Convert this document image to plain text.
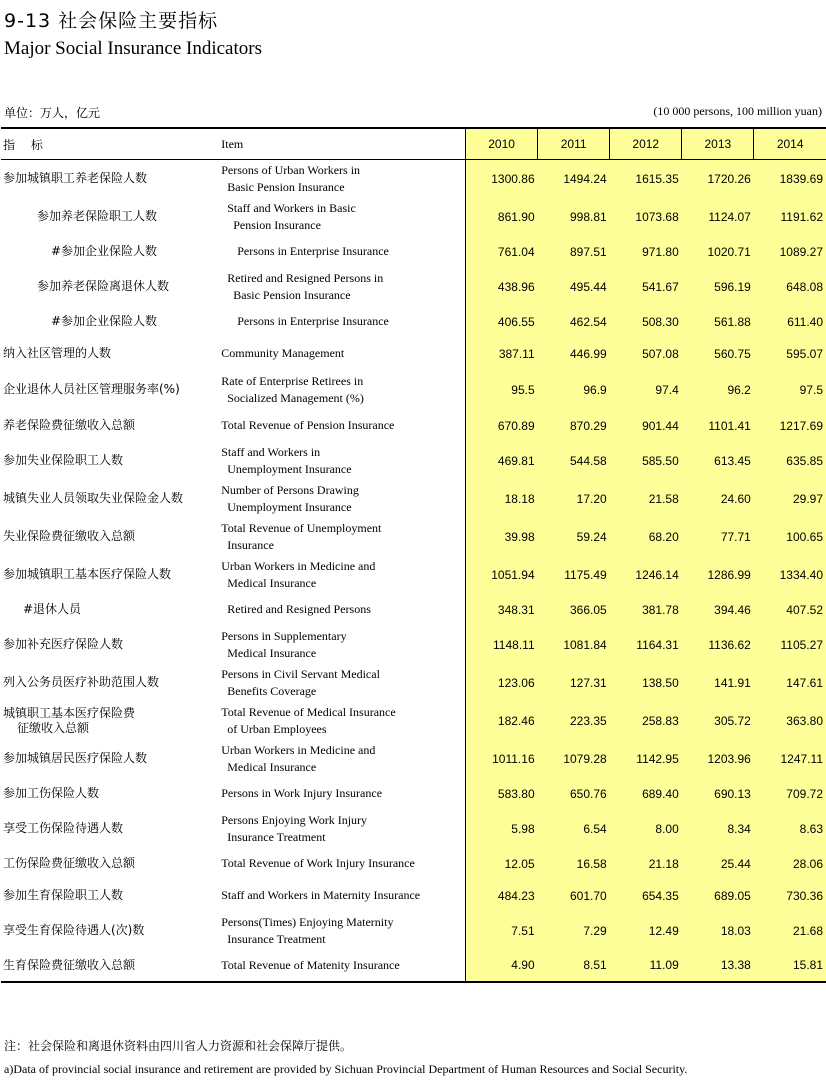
9-13 社会保险主要指标
Major Social Insurance Indicators
单位：万人，亿元	(10 000 persons, 100 million yuan)
指 标	Item	2010	2011	2012	2013	2014
参加城镇职工养老保险人数	Persons of Urban Workers in
Basic Pension Insurance	1300.86	1494.24	1615.35	1720.26	1839.69
参加养老保险职工人数	Staff and Workers in Basic
Pension Insurance	861.90	998.81	1073.68	1124.07	1191.62
#参加企业保险人数	Persons in Enterprise Insurance	761.04	897.51	971.80	1020.71	1089.27
参加养老保险离退休人数	Retired and Resigned Persons in
Basic Pension Insurance	438.96	495.44	541.67	596.19	648.08
#参加企业保险人数	Persons in Enterprise Insurance	406.55	462.54	508.30	561.88	611.40
纳入社区管理的人数	Community Management	387.11	446.99	507.08	560.75	595.07
企业退休人员社区管理服务率(%)	Rate of Enterprise Retirees in
Socialized Management (%)	95.5	96.9	97.4	96.2	97.5
养老保险费征缴收入总额	Total Revenue of Pension Insurance	670.89	870.29	901.44	1101.41	1217.69
参加失业保险职工人数	Staff and Workers in
Unemployment Insurance	469.81	544.58	585.50	613.45	635.85
城镇失业人员领取失业保险金人数	Number of Persons Drawing
Unemployment Insurance	18.18	17.20	21.58	24.60	29.97
失业保险费征缴收入总额	Total Revenue of Unemployment
Insurance	39.98	59.24	68.20	77.71	100.65
参加城镇职工基本医疗保险人数	Urban Workers in Medicine and
Medical Insurance	1051.94	1175.49	1246.14	1286.99	1334.40
#退休人员	Retired and Resigned Persons	348.31	366.05	381.78	394.46	407.52
参加补充医疗保险人数	Persons in Supplementary
Medical Insurance	1148.11	1081.84	1164.31	1136.62	1105.27
列入公务员医疗补助范围人数	Persons in Civil Servant Medical
Benefits Coverage	123.06	127.31	138.50	141.91	147.61
城镇职工基本医疗保险费
征缴收入总额	Total Revenue of Medical Insurance
of Urban Employees	182.46	223.35	258.83	305.72	363.80
参加城镇居民医疗保险人数	Urban Workers in Medicine and
Medical Insurance	1011.16	1079.28	1142.95	1203.96	1247.11
参加工伤保险人数	Persons in Work Injury Insurance	583.80	650.76	689.40	690.13	709.72
享受工伤保险待遇人数	Persons Enjoying Work Injury
Insurance Treatment	5.98	6.54	8.00	8.34	8.63
工伤保险费征缴收入总额	Total Revenue of Work Injury Insurance	12.05	16.58	21.18	25.44	28.06
参加生育保险职工人数	Staff and Workers in Maternity Insurance	484.23	601.70	654.35	689.05	730.36
享受生育保险待遇人(次)数	Persons(Times) Enjoying Maternity
Insurance Treatment	7.51	7.29	12.49	18.03	21.68
生育保险费征缴收入总额	Total Revenue of Matenity Insurance	4.90	8.51	11.09	13.38	15.81
注：社会保险和离退休资料由四川省人力资源和社会保障厅提供。
a)Data of provincial social insurance and retirement are provided by Sichuan Provincial Department of Human Resources and Social Security.
